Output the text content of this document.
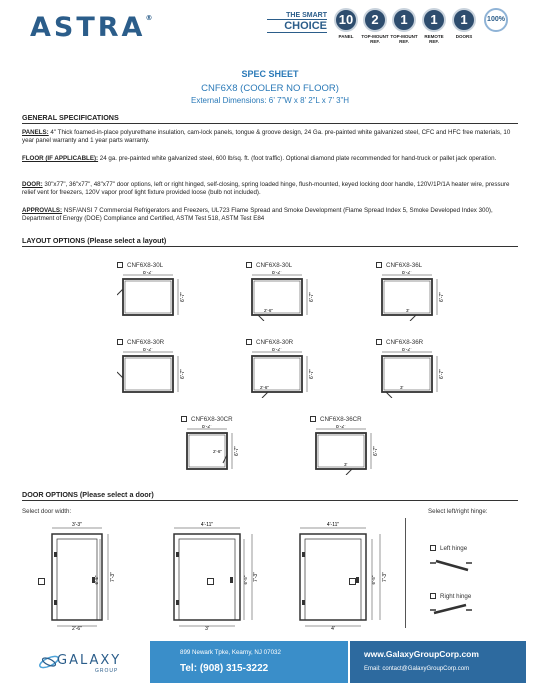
ASTRA®	THE SMART
CHOICE 10
PANEL
2
TOP-MOUNT REF.
1
TOP-MOUNT REF.
1
REMOTE REF.
1
DOORS
100%
SPEC SHEET
CNF6X8 (COOLER NO FLOOR)
External Dimensions: 6’ 7”W x 8’ 2”L x 7’ 3”H
GENERAL SPECIFICATIONS
PANELS: 4" Thick foamed-in-place polyurethane insulation, cam-lock panels, tongue & groove design, 24 Ga. pre-painted white galvanized steel, CFC and HFC free materials, 10 year panel warranty and 1 year parts warranty.
FLOOR (IF APPLICABLE): 24 ga. pre-painted white galvanized steel, 600 lb/sq. ft. (foot traffic). Optional diamond plate recommended for hand-truck or pallet jack operation.
DOOR: 30"x77", 36"x77", 48"x77" door options, left or right hinged, self-closing, spring loaded hinge, flush-mounted, keyed locking door handle, 120V/1P/1A heater wire, pressure relief vent for freezers, 120V vapor proof light fixture provided loose (bulb not included).
APPROVALS: NSF/ANSI 7 Commercial Refrigerators and Freezers, UL723 Flame Spread and Smoke Development (Flame Spread Index 5, Smoke Developed Index 300), Department of Energy (DOE) Compliance and Certified, ASTM Test 518, ASTM Test E84
LAYOUT OPTIONS (Please select a layout)
CNF6X8-30L
8'-2"
6'-7"
CNF6X8-30L
8'-2"
2'-6"
6'-7"
CNF6X8-36L
8'-2"
3'
6'-7"
CNF6X8-30R
8'-2"
6'-7"
CNF6X8-30R
8'-2"
2'-6"
6'-7"
CNF6X8-36R
8'-2"
3'
6'-7"
CNF6X8-30CR
8'-2"
2'-6" 6'-7"
CNF6X8-36CR
8'-2"
3'
6'-7"
DOOR OPTIONS (Please select a door)
Select door width:	Select left/right hinge:
3'-3"
2'-6"
6'-5" 7'-3"
4'-11"
3'
6'-5" 7'-3"
4'-11"
4'
6'-5" 7'-3"
Left hinge
Right hinge
GALAXY
GROUP
899 Newark Tpke, Kearny, NJ 07032
Tel: (908) 315-3222
www.GalaxyGroupCorp.com
Email: contact@GalaxyGroupCorp.com
